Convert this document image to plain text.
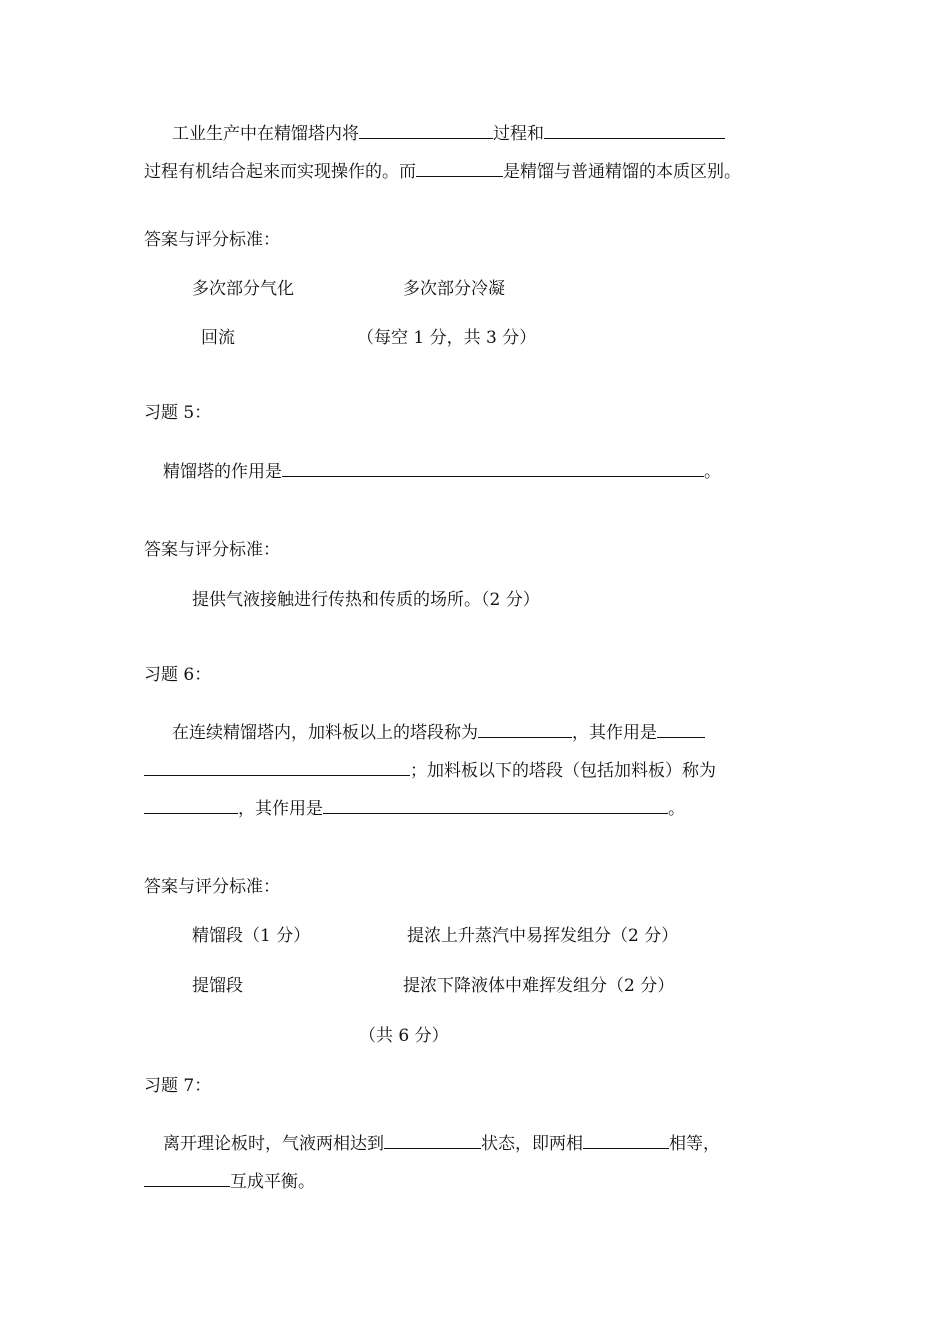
工业生产中在精馏塔内将	过程和
过程有机结合起来而实现操作的。而	是精馏与普通精馏的本质区别。
答案与评分标准：
多次部分气化	多次部分冷凝
回流	（每空 1 分，共 3 分）
习题 5：
精馏塔的作用是	。
答案与评分标准：
提供气液接触进行传热和传质的场所。（2 分）
习题 6：
在连续精馏塔内，加料板以上的塔段称为	，其作用是
；加料板以下的塔段（包括加料板）称为
，其作用是	。
答案与评分标准：
精馏段（1 分）	提浓上升蒸汽中易挥发组分（2 分）
提馏段	提浓下降液体中难挥发组分（2 分）
（共 6 分）
习题 7：
离开理论板时，气液两相达到	状态，即两相	相等，
互成平衡。
